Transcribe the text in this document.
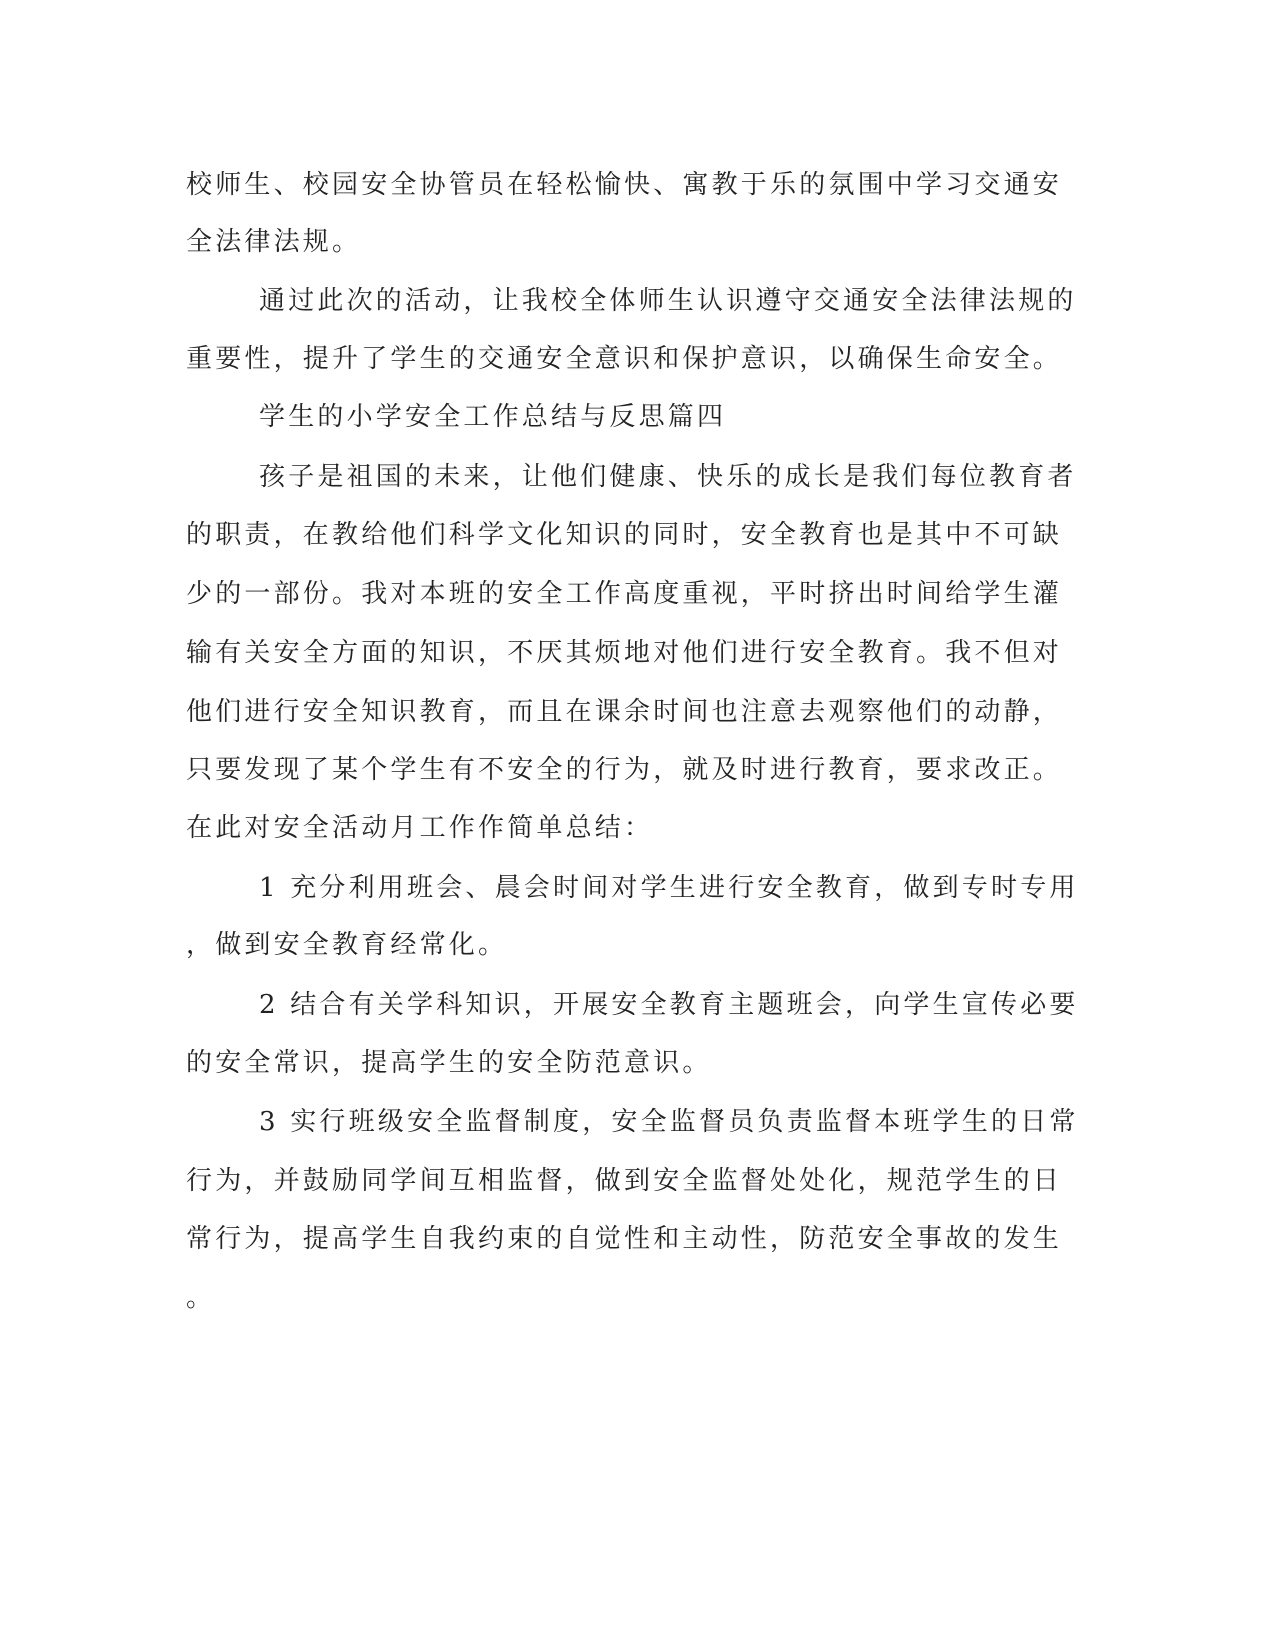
校师生、校园安全协管员在轻松愉快、寓教于乐的氛围中学习交通安
全法律法规。
通过此次的活动，让我校全体师生认识遵守交通安全法律法规的
重要性，提升了学生的交通安全意识和保护意识，以确保生命安全。
学生的小学安全工作总结与反思篇四
孩子是祖国的未来，让他们健康、快乐的成长是我们每位教育者
的职责，在教给他们科学文化知识的同时，安全教育也是其中不可缺
少的一部份。我对本班的安全工作高度重视，平时挤出时间给学生灌
输有关安全方面的知识，不厌其烦地对他们进行安全教育。我不但对
他们进行安全知识教育，而且在课余时间也注意去观察他们的动静，
只要发现了某个学生有不安全的行为，就及时进行教育，要求改正。
在此对安全活动月工作作简单总结：
1 充分利用班会、晨会时间对学生进行安全教育，做到专时专用
，做到安全教育经常化。
2 结合有关学科知识，开展安全教育主题班会，向学生宣传必要
的安全常识，提高学生的安全防范意识。
3 实行班级安全监督制度，安全监督员负责监督本班学生的日常
行为，并鼓励同学间互相监督，做到安全监督处处化，规范学生的日
常行为，提高学生自我约束的自觉性和主动性，防范安全事故的发生
。
